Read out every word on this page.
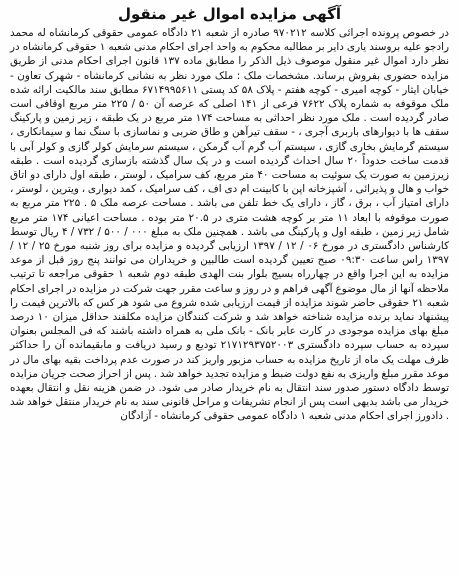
آگهی مزایده اموال غیر منقول

در خصوص پرونده اجرائی کلاسه ۹۷۰۲۱۲ صادره از شعبه ۲۱ دادگاه عمومی حقوقی کرمانشاه له محمد رادجو علیه بروسند یاری دایر بر مطالبه محکوم به واحد اجرای احکام مدنی شعبه ۱ حقوقی کرمانشاه در نظر دارد اموال غیر منقول موصوف ذیل الذکر را مطابق ماده ۱۳۷ قانون اجرای احکام مدنی از طریق مزایده حضوری بفروش برساند. مشخصات ملک : ملک مورد نظر به نشانی کرمانشاه - شهرک تعاون - خیابان ایثار - کوچه امیری - کوچه هفتم - پلاک ۵۸ کد پستی ۶۷۱۴۹۹۵۶۱۱ مطابق سند مالکیت ارائه شده ملک موقوفه به شماره پلاک ۷۶۲۲ فرعی از ۱۴۱ اصلی که عرصه آن ۵۰ / ۲۲۵ متر مربع اوقافی است صادر گردیده است . ملک مورد نظر احداثی به مساحت ۱۷۴ متر مربع در یک طبقه ، زیر زمین و پارکینگ سقف ها با دیوارهای باربری آجری ، - سقف تیرآهن و طاق ضربی و نماسازی با سنگ نما و سیمانکاری ، سیستم گرمایش بخاری گازی ، سیستم آب گرم آب گرمکن ، سیستم سرمایش کولر گازی و کولر آبی با قدمت ساخت حدوداً ۲۰ سال احداث گردیده است و در یک سال گذشته بازسازی گردیده است . طبقه زیرزمین به صورت یک سوئیت به مساحت ۴۰ متر مربع، کف سرامیک ، لوستر ، طبقه اول دارای دو اتاق خواب و هال و پذیرائی ، آشپزخانه اپن با کابینت ام دی اف ، کف سرامیک ، کمد دیواری ، ویترین ، لوستر ، دارای امتیاز آب ، برق ، گاز ، دارای یک خط تلفن می باشد . مساحت عرصه ملک ۵ . ۲۲۵ متر مربع به صورت موقوفه با ابعاد ۱۱ متر بر کوچه هشت متری در ۲۰.۵ متر بوده . مساحت اعیانی ۱۷۴ متر مربع شامل زیر زمین ، طبقه اول و پارکینگ می باشد . همچنین ملک به مبلغ ۰۰۰ / ۵۰۰ / ۷۳۲ / ۴ ریال توسط کارشناس دادگستری در مورخ ۰۶ / ۱۲ / ۱۳۹۷ ارزیابی گردیده و مزایده برای روز شنبه مورخ ۲۵ / ۱۲ / ۱۳۹۷ راس ساعت ۰۹:۳۰ صبح تعیین گردیده است طالبین و خریداران می توانند پنج روز قبل از موعد مزایده به این اجرا واقع در چهارراه بسیج بلوار بنت الهدی طبقه دوم شعبه ۱ حقوقی مراجعه تا ترتیب ملاحظه آنها از مال موضوع آگهی فراهم و در روز و ساعت مقرر جهت شرکت در مزایده در اجرای احکام شعبه ۲۱ حقوقی حاضر شوند مزایده از قیمت ارزیابی شده شروع می شود هر کس که بالاترین قیمت را پیشنهاد نماید برنده مزایده شناخته خواهد شد و شرکت کنندگان مزایده مکلفند حداقل میزان ۱۰ درصد مبلغ بهای مزایده موجودی در کارت عابر بانک - بانک ملی به همراه داشته باشند که فی المجلس بعنوان سپرده به حساب سپرده دادگستری ۲۱۷۱۲۹۳۷۵۲۰۰۳ تودیع و رسید دریافت و مابقیمانده آن را حداکثر ظرف مهلت یک ماه از تاریخ مزایده به حساب مزبور واریز کند در صورت عدم پرداخت بقیه بهای مال در موعد مقرر مبلغ واریزی به نفع دولت ضبط و مزایده تجدید خواهد شد . پس از احراز صحت جریان مزایده توسط دادگاه دستور صدور سند انتقال به نام خریدار صادر می شود. در ضمن هزینه نقل و انتقال بعهده خریدار می باشد بدیهی است پس از انجام تشریفات و مراحل قانونی سند به نام خریدار منتقل خواهد شد . دادورز اجرای احکام مدنی شعبه ۱ دادگاه عمومی حقوقی کرمانشاه - آزادگان
